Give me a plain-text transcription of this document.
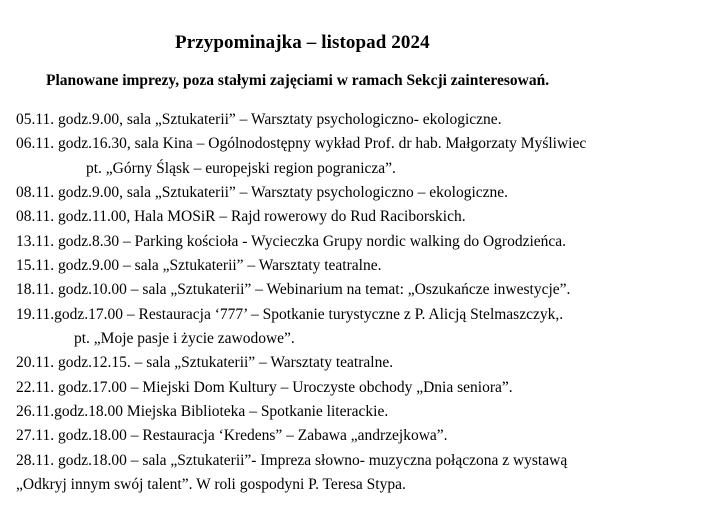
Przypominajka – listopad 2024
Planowane imprezy, poza stałymi zajęciami w ramach Sekcji zainteresowań.
05.11. godz.9.00, sala „Sztukaterii” – Warsztaty psychologiczno- ekologiczne.
06.11. godz.16.30, sala Kina – Ogólnodostępny wykład Prof. dr hab. Małgorzaty Myśliwiec
pt. „Górny Śląsk – europejski region pogranicza”.
08.11. godz.9.00, sala „Sztukaterii” – Warsztaty psychologiczno – ekologiczne.
08.11. godz.11.00, Hala MOSiR – Rajd rowerowy do Rud Raciborskich.
13.11. godz.8.30 – Parking kościoła - Wycieczka Grupy nordic walking do Ogrodzieńca.
15.11. godz.9.00 – sala „Sztukaterii” – Warsztaty teatralne.
18.11. godz.10.00 – sala „Sztukaterii” – Webinarium na temat: „Oszukańcze inwestycje”.
19.11.godz.17.00 – Restauracja ‘777’ – Spotkanie turystyczne z P. Alicją Stelmaszczyk,.
pt. „Moje pasje i życie zawodowe”.
20.11. godz.12.15. – sala „Sztukaterii” – Warsztaty teatralne.
22.11. godz.17.00 – Miejski Dom Kultury – Uroczyste obchody „Dnia seniora”.
26.11.godz.18.00 Miejska Biblioteka – Spotkanie literackie.
27.11. godz.18.00 – Restauracja ‘Kredens” – Zabawa „andrzejkowa”.
28.11. godz.18.00 – sala „Sztukaterii”- Impreza słowno- muzyczna połączona z wystawą
„Odkryj innym swój talent”. W roli gospodyni P. Teresa Stypa.
